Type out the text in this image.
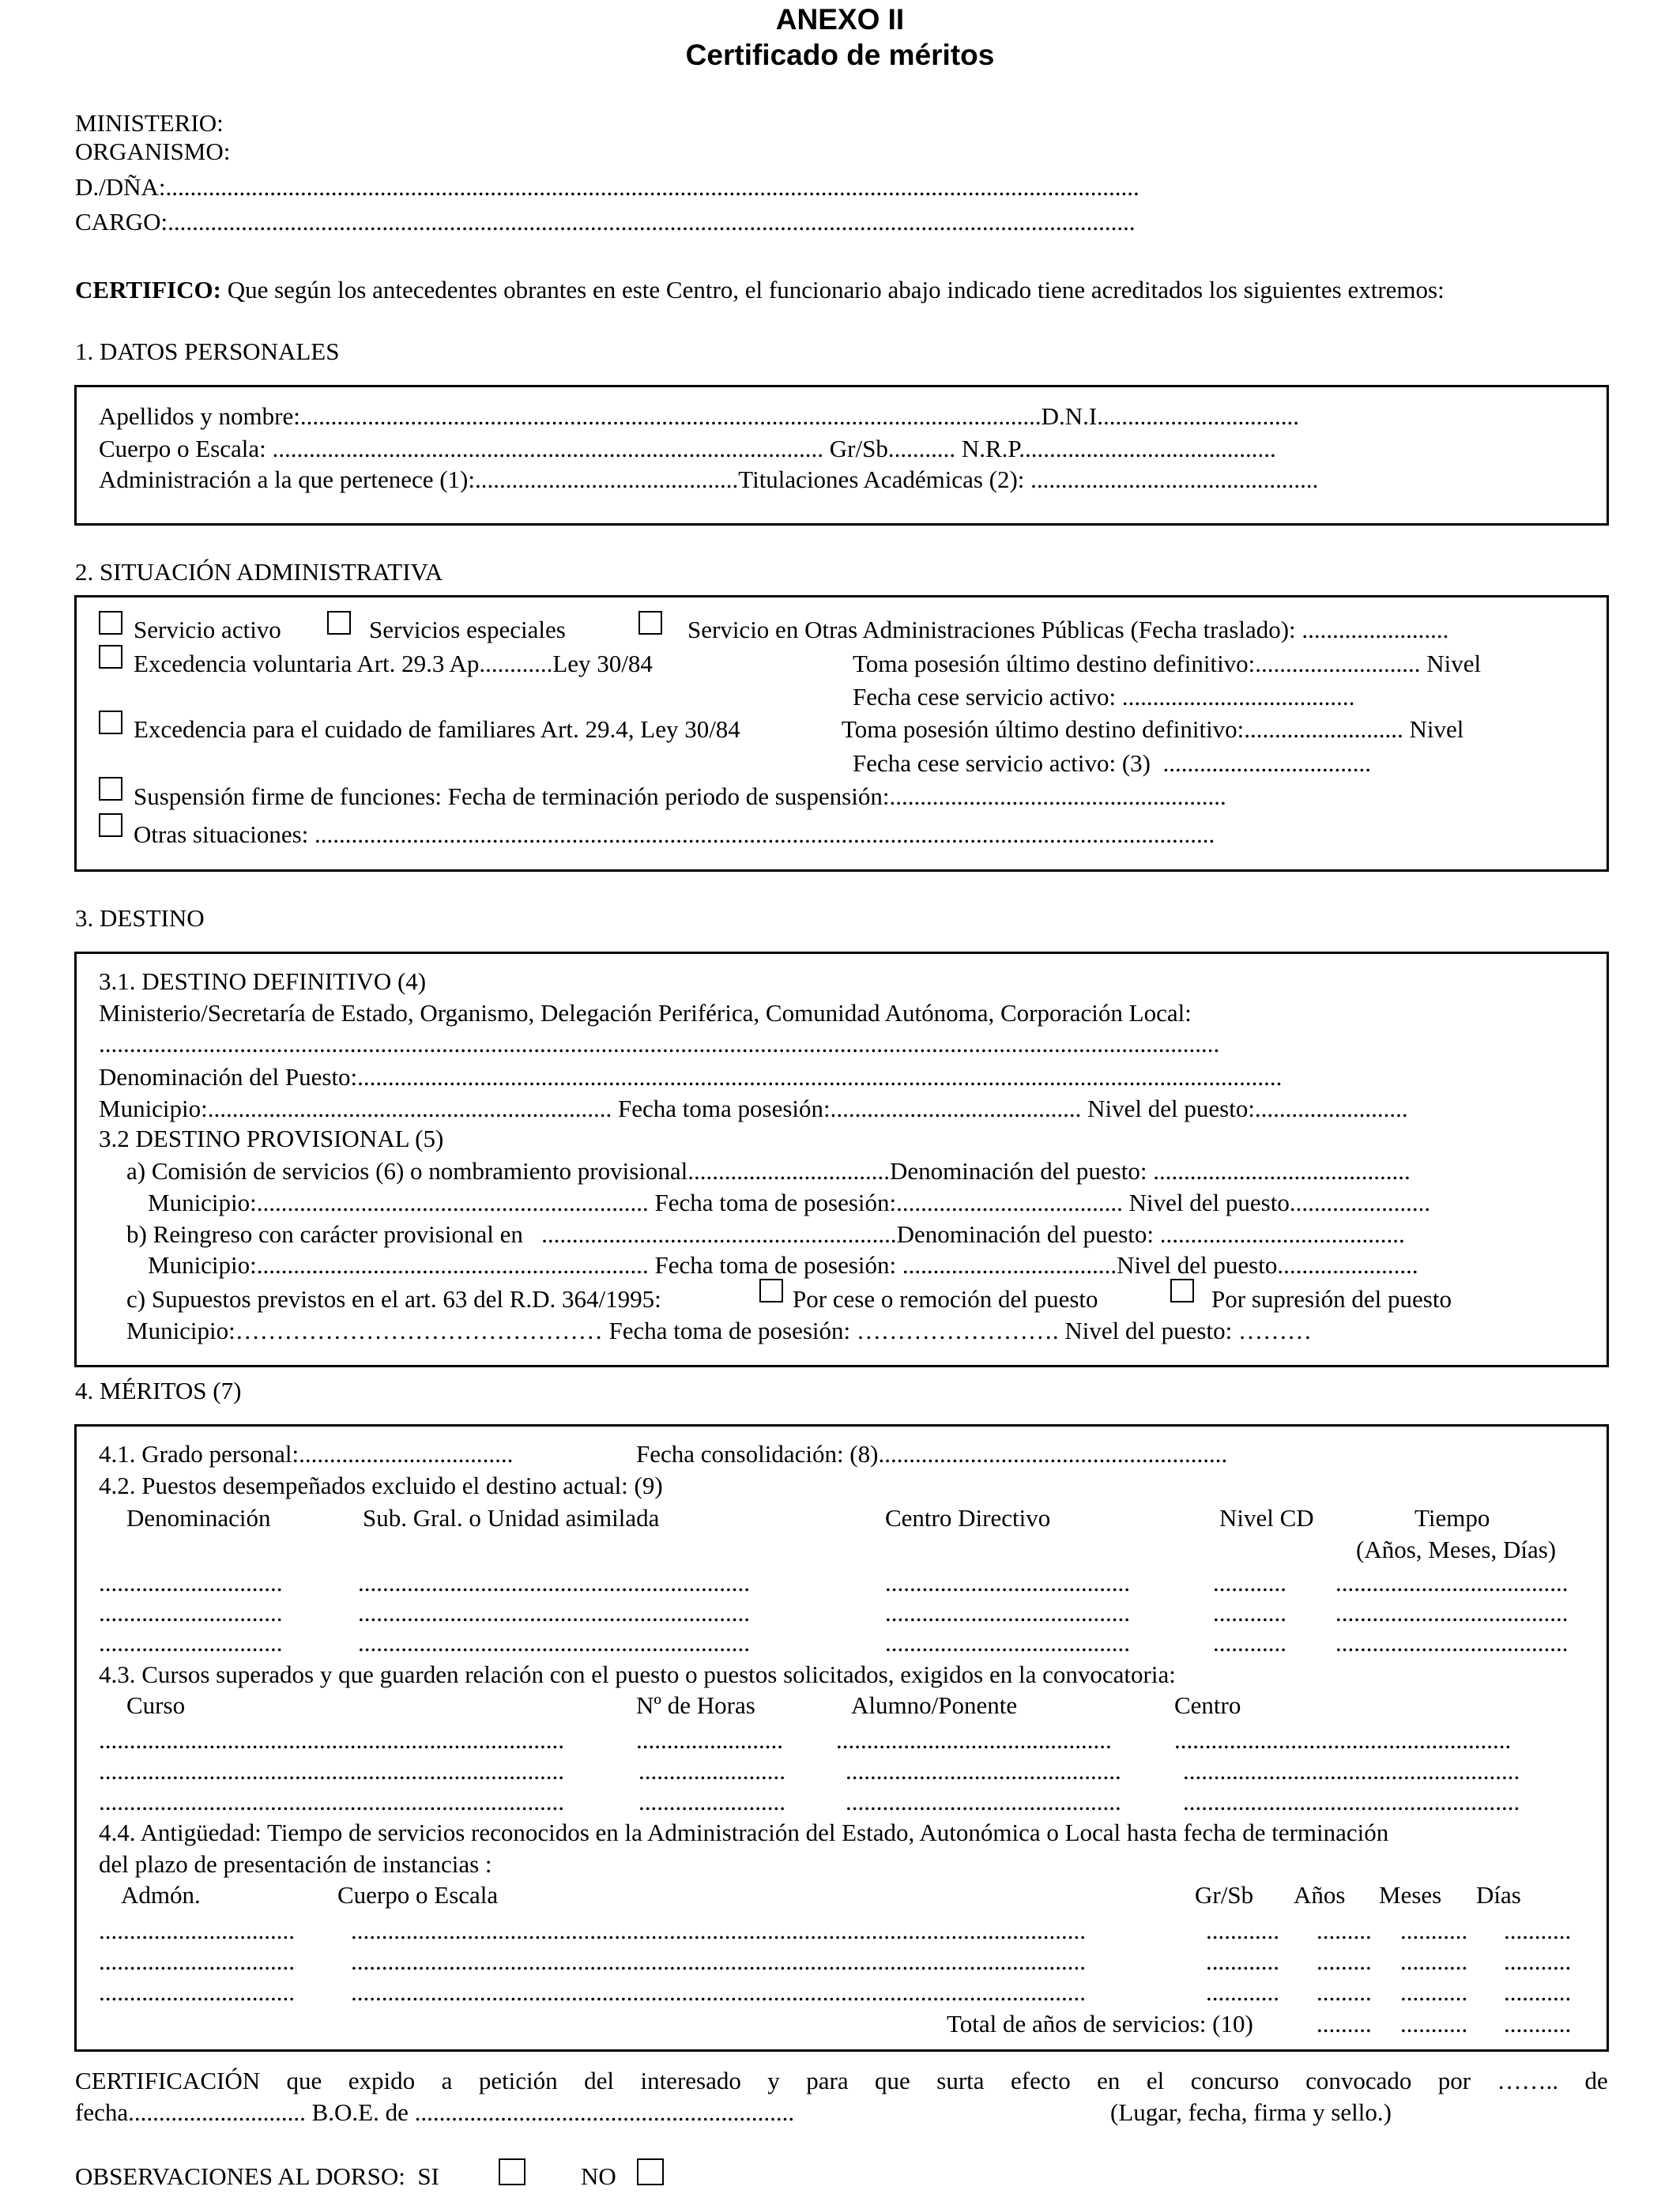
ANEXO II
Certificado de méritos
MINISTERIO:
ORGANISMO:
D./DÑA:...............................................................................................................................................................
CARGO:..............................................................................................................................................................
CERTIFICO: Que según los antecedentes obrantes en este Centro, el funcionario abajo indicado tiene acreditados los siguientes extremos:
1. DATOS PERSONALES
Apellidos y nombre:.........................................................................................................................D.N.I.................................
Cuerpo o Escala: .......................................................................................... Gr/Sb........... N.R.P..........................................
Administración a la que pertenece (1):...........................................Titulaciones Académicas (2): ...............................................
2. SITUACIÓN ADMINISTRATIVA
Servicio activo	Servicios especiales	Servicio en Otras Administraciones Públicas (Fecha traslado): ........................
Excedencia voluntaria Art. 29.3 Ap............Ley 30/84	Toma posesión último destino definitivo:........................... Nivel
Fecha cese servicio activo: ......................................
Excedencia para el cuidado de familiares Art. 29.4, Ley 30/84	Toma posesión último destino definitivo:.......................... Nivel
Fecha cese servicio activo: (3)  ..................................
Suspensión firme de funciones: Fecha de terminación periodo de suspensión:.......................................................
Otras situaciones: ...................................................................................................................................................
3. DESTINO
3.1. DESTINO DEFINITIVO (4)
Ministerio/Secretaría de Estado, Organismo, Delegación Periférica, Comunidad Autónoma, Corporación Local:
.......................................................................................................................................................................................
Denominación del Puesto:.......................................................................................................................................................
Municipio:.................................................................. Fecha toma posesión:......................................... Nivel del puesto:.........................
3.2 DESTINO PROVISIONAL (5)
a) Comisión de servicios (6) o nombramiento provisional.................................Denominación del puesto: ..........................................
Municipio:................................................................ Fecha toma de posesión:..................................... Nivel del puesto.......................
b) Reingreso con carácter provisional en   ..........................................................Denominación del puesto: ........................................
Municipio:................................................................ Fecha toma de posesión: ...................................Nivel del puesto.......................
c) Supuestos previstos en el art. 63 del R.D. 364/1995:	Por cese o remoción del puesto	Por supresión del puesto
Municipio:……………………………………… Fecha toma de posesión: ……………………. Nivel del puesto: ………
4. MÉRITOS (7)
4.1. Grado personal:...................................	Fecha consolidación: (8).........................................................
4.2. Puestos desempeñados excluido el destino actual: (9)
Denominación	Sub. Gral. o Unidad asimilada	Centro Directivo	Nivel CD	Tiempo
(Años, Meses, Días)
..............................	................................................................	........................................	............ ......................................
..............................	................................................................	........................................	............ ......................................
..............................	................................................................	........................................	............ ......................................
4.3. Cursos superados y que guarden relación con el puesto o puestos solicitados, exigidos en la convocatoria:
Curso	Nº de Horas	Alumno/Ponente	Centro
............................................................................	........................ .............................................	.......................................................
............................................................................	........................ .............................................	.......................................................
............................................................................	........................ .............................................	.......................................................
4.4. Antigüedad: Tiempo de servicios reconocidos en la Administración del Estado, Autonómica o Local hasta fecha de terminación
del plazo de presentación de instancias :
Admón.	Cuerpo o Escala	Gr/Sb Años Meses Días
................................ ........................................................................................................................	............ ......... ........... ...........
................................ ........................................................................................................................	............ ......... ........... ...........
................................ ........................................................................................................................	............ ......... ........... ...........
Total de años de servicios: (10)	......... ........... ...........
CERTIFICACIÓN que expido a petición del interesado y para que surta efecto en el concurso convocado por …….. de
fecha............................. B.O.E. de ..............................................................	(Lugar, fecha, firma y sello.)
OBSERVACIONES AL DORSO:  SI	NO
